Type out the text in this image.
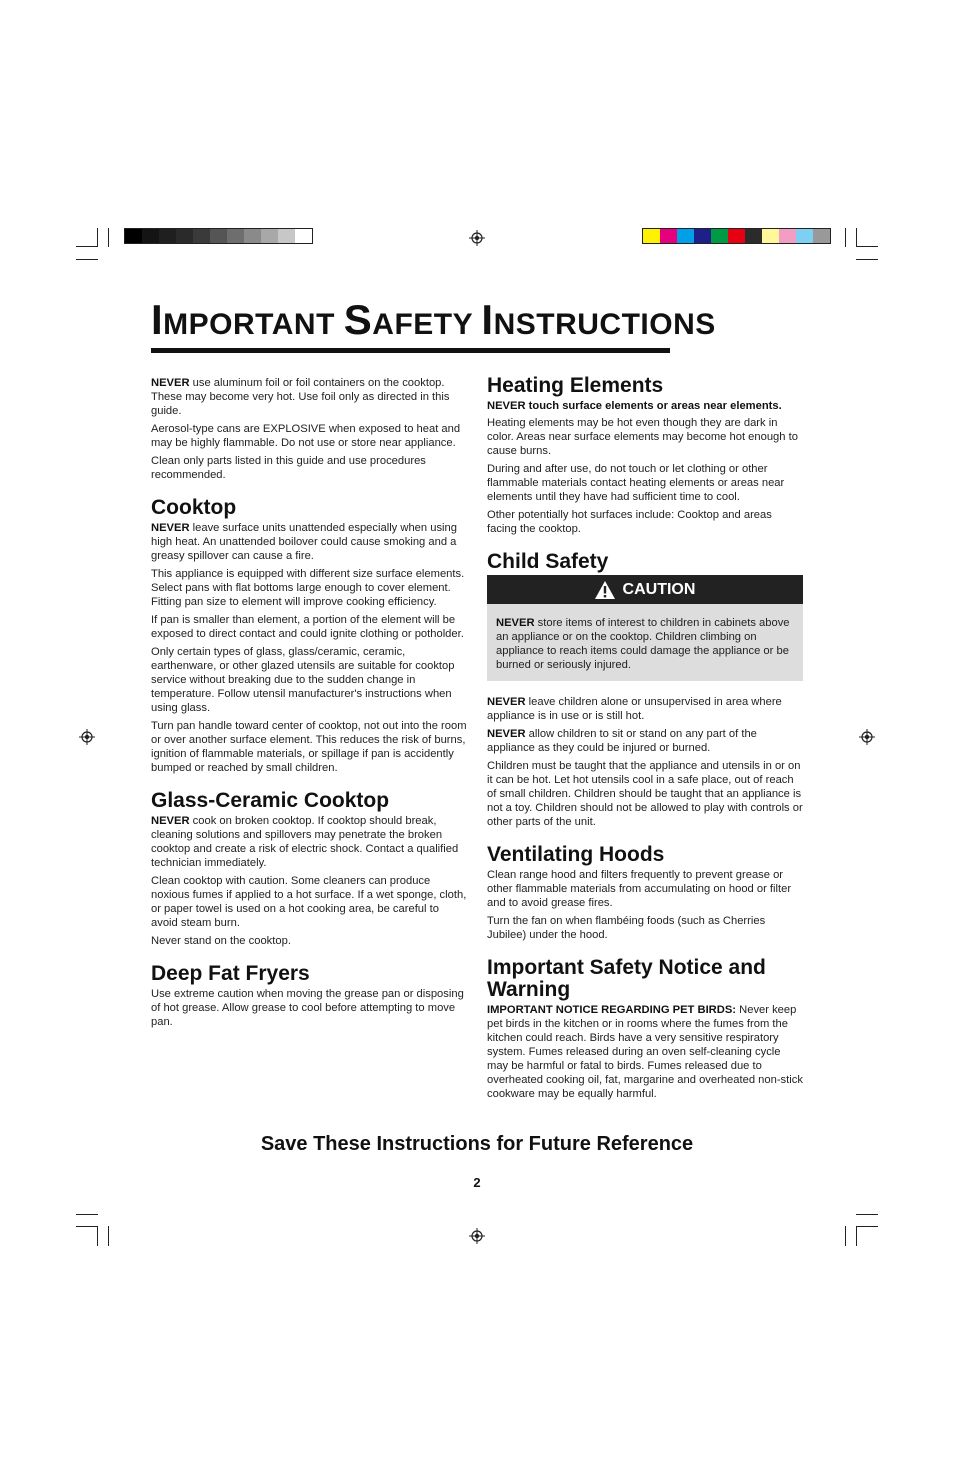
IMPORTANT SAFETY INSTRUCTIONS

NEVER use aluminum foil or foil containers on the cooktop. These may become very hot. Use foil only as directed in this guide.

Aerosol-type cans are EXPLOSIVE when exposed to heat and may be highly flammable. Do not use or store near appliance.

Clean only parts listed in this guide and use procedures recommended.

Cooktop

NEVER leave surface units unattended especially when using high heat. An unattended boilover could cause smoking and a greasy spillover can cause a fire.

This appliance is equipped with different size surface elements. Select pans with flat bottoms large enough to cover element. Fitting pan size to element will improve cooking efficiency.

If pan is smaller than element, a portion of the element will be exposed to direct contact and could ignite clothing or potholder.

Only certain types of glass, glass/ceramic, ceramic, earthenware, or other glazed utensils are suitable for cooktop service without breaking due to the sudden change in temperature. Follow utensil manufacturer's instructions when using glass.

Turn pan handle toward center of cooktop, not out into the room or over another surface element. This reduces the risk of burns, ignition of flammable materials, or spillage if pan is accidently bumped or reached by small children.

Glass-Ceramic Cooktop

NEVER cook on broken cooktop. If cooktop should break, cleaning solutions and spillovers may penetrate the broken cooktop and create a risk of electric shock. Contact a qualified technician immediately.

Clean cooktop with caution. Some cleaners can produce noxious fumes if applied to a hot surface. If a wet sponge, cloth, or paper towel is used on a hot cooking area, be careful to avoid steam burn.

Never stand on the cooktop.

Deep Fat Fryers

Use extreme caution when moving the grease pan or disposing of hot grease. Allow grease to cool before attempting to move pan.

Heating Elements

NEVER touch surface elements or areas near elements.

Heating elements may be hot even though they are dark in color. Areas near surface elements may become hot enough to cause burns.

During and after use, do not touch or let clothing or other flammable materials contact heating elements or areas near elements until they have had sufficient time to cool.

Other potentially hot surfaces include: Cooktop and areas facing the cooktop.

Child Safety
CAUTION

NEVER store items of interest to children in cabinets above an appliance or on the cooktop. Children climbing on appliance to reach items could damage the appliance or be burned or seriously injured.

NEVER leave children alone or unsupervised in area where appliance is in use or is still hot.

NEVER allow children to sit or stand on any part of the appliance as they could be injured or burned.

Children must be taught that the appliance and utensils in or on it can be hot. Let hot utensils cool in a safe place, out of reach of small children. Children should be taught that an appliance is not a toy. Children should not be allowed to play with controls or other parts of the unit.

Ventilating Hoods

Clean range hood and filters frequently to prevent grease or other flammable materials from accumulating on hood or filter and to avoid grease fires.

Turn the fan on when flambéing foods (such as Cherries Jubilee) under the hood.

Important Safety Notice and Warning

IMPORTANT NOTICE REGARDING PET BIRDS: Never keep pet birds in the kitchen or in rooms where the fumes from the kitchen could reach. Birds have a very sensitive respiratory system. Fumes released during an oven self-cleaning cycle may be harmful or fatal to birds. Fumes released due to overheated cooking oil, fat, margarine and overheated non-stick cookware may be equally harmful.

Save These Instructions for Future Reference
2
